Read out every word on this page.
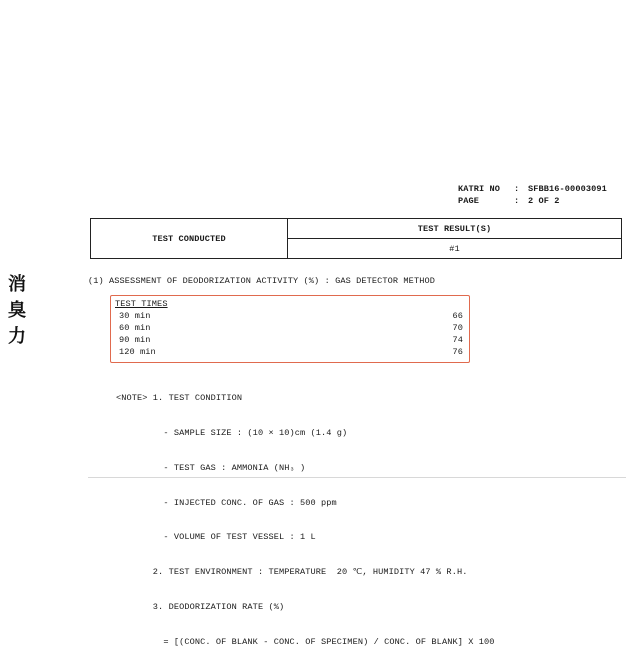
消
臭
力
KATRI NO : SFBB16-00003091
PAGE	: 2 OF 2
TEST CONDUCTED	TEST RESULT(S)
#1
(1) ASSESSMENT OF DEODORIZATION ACTIVITY (%) : GAS DETECTOR METHOD
TEST TIMES
30 min	66
60 min	70
90 min	74
120 min	76

<NOTE> 1. TEST CONDITION

- SAMPLE SIZE : (10 × 10)cm (1.4 g)

- TEST GAS : AMMONIA (NH₃ )

- INJECTED CONC. OF GAS : 500 ppm

- VOLUME OF TEST VESSEL : 1 L

2. TEST ENVIRONMENT : TEMPERATURE  20 ℃, HUMIDITY 47 % R.H.

3. DEODORIZATION RATE (%)

= [(CONC. OF BLANK - CONC. OF SPECIMEN) / CONC. OF BLANK] X 100
